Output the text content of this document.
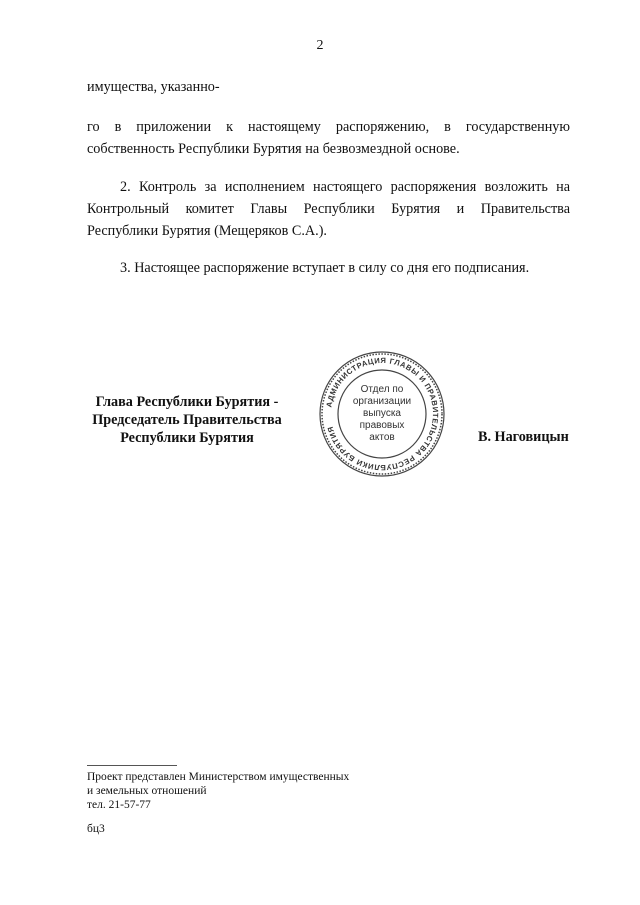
2
имущества, указанно-
го в приложении к настоящему распоряжению, в государственную
собственность Республики Бурятия на безвозмездной основе.
2. Контроль за исполнением настоящего распоряжения возложить на
Контрольный комитет Главы Республики Бурятия и Правительства
Республики Бурятия (Мещеряков С.А.).
3. Настоящее распоряжение вступает в силу со дня его подписания.
Глава Республики Бурятия -
Председатель Правительства
Республики Бурятия
АДМИНИСТРАЦИЯ ГЛАВЫ И ПРАВИТЕЛЬСТВА РЕСПУБЛИКИ БУРЯТИЯ
Отдел по
организации
выпуска
правовых
актов	В. Наговицын
Проект представлен Министерством имущественных
и земельных отношений
тел. 21-57-77
бц3
